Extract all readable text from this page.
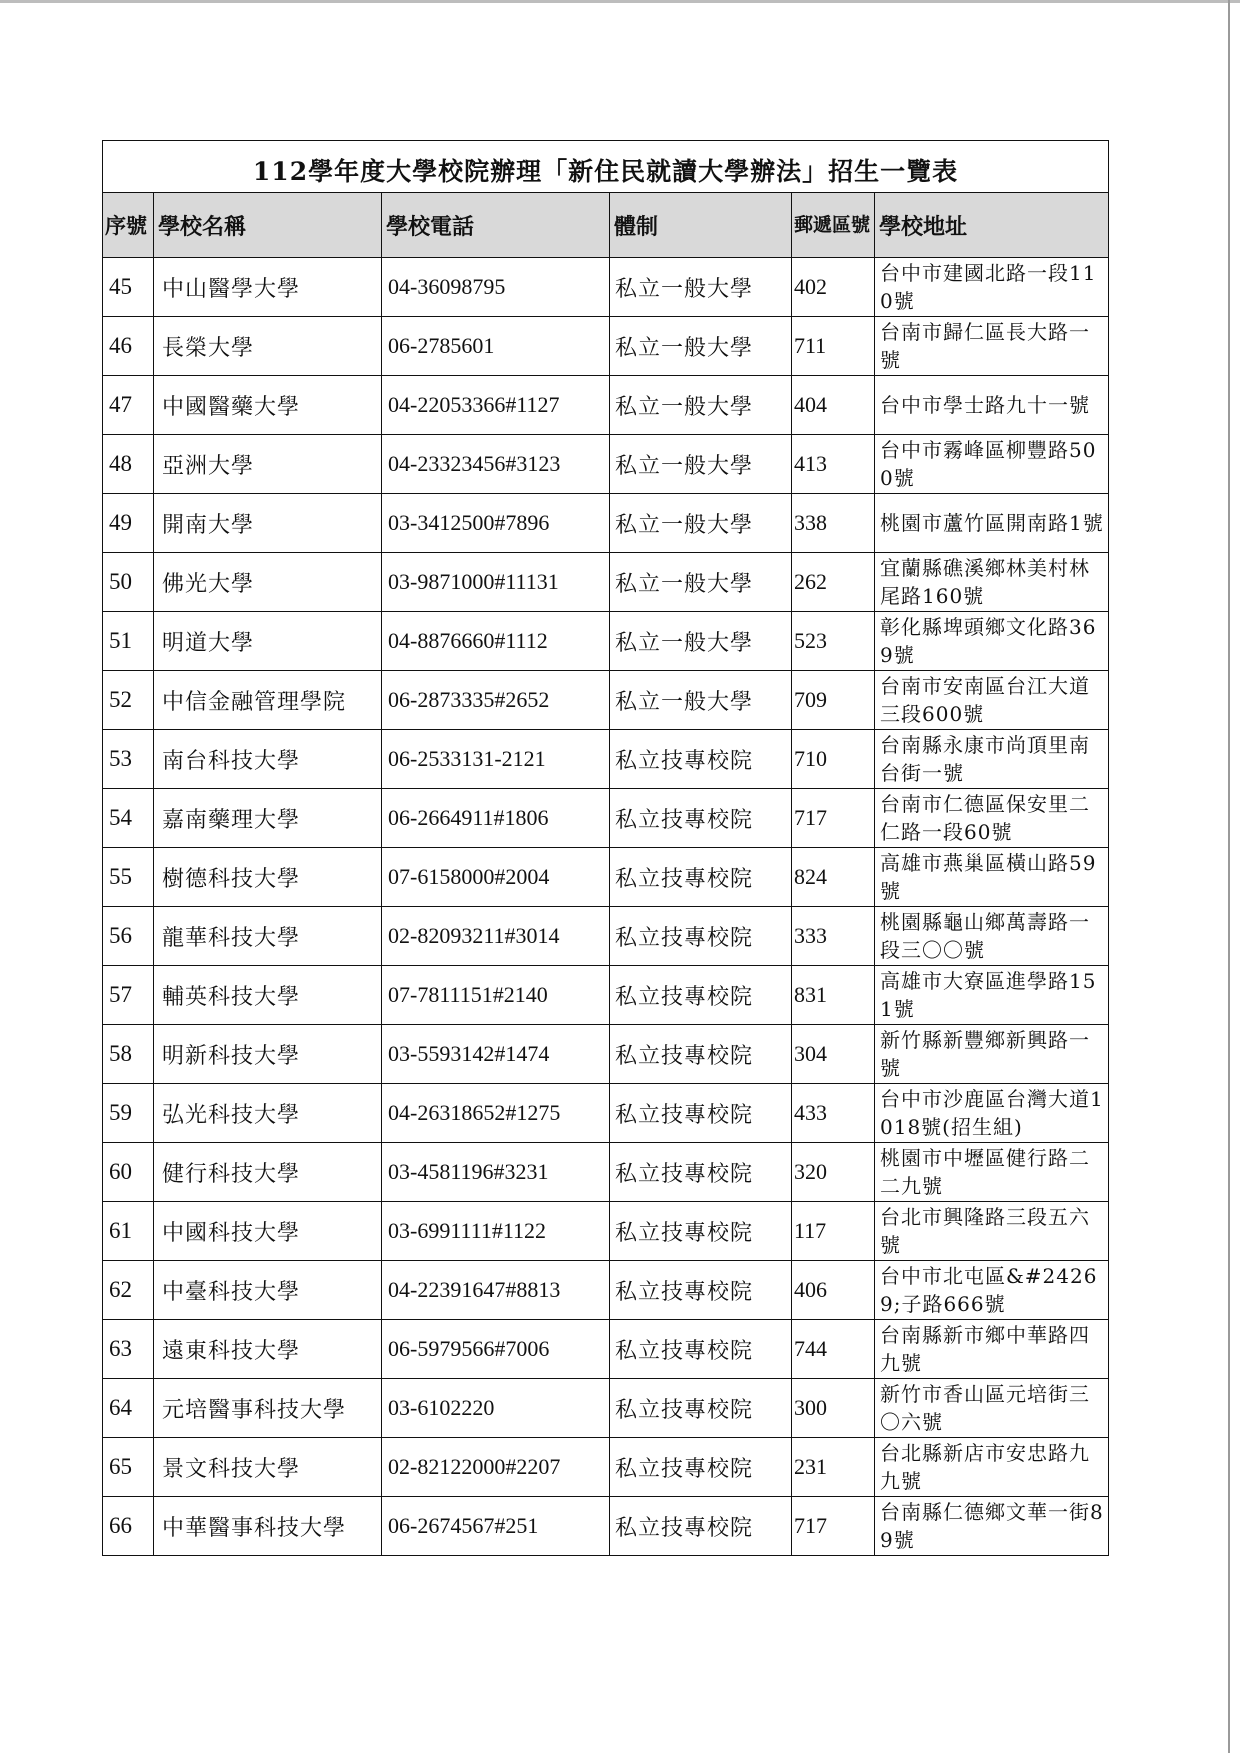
112學年度大學校院辦理「新住民就讀大學辦法」招生一覽表					
序號	學校名稱	學校電話	體制	郵遞區號	學校地址
45	中山醫學大學	04-36098795	私立一般大學	402	台中市建國北路一段110號
46	長榮大學	06-2785601	私立一般大學	711	台南市歸仁區長大路一號
47	中國醫藥大學	04-22053366#1127	私立一般大學	404	台中市學士路九十一號
48	亞洲大學	04-23323456#3123	私立一般大學	413	台中市霧峰區柳豐路500號
49	開南大學	03-3412500#7896	私立一般大學	338	桃園市蘆竹區開南路1號
50	佛光大學	03-9871000#11131	私立一般大學	262	宜蘭縣礁溪鄉林美村林尾路160號
51	明道大學	04-8876660#1112	私立一般大學	523	彰化縣埤頭鄉文化路369號
52	中信金融管理學院	06-2873335#2652	私立一般大學	709	台南市安南區台江大道三段600號
53	南台科技大學	06-2533131-2121	私立技專校院	710	台南縣永康市尚頂里南台街一號
54	嘉南藥理大學	06-2664911#1806	私立技專校院	717	台南市仁德區保安里二仁路一段60號
55	樹德科技大學	07-6158000#2004	私立技專校院	824	高雄市燕巢區橫山路59號
56	龍華科技大學	02-82093211#3014	私立技專校院	333	桃園縣龜山鄉萬壽路一段三〇〇號
57	輔英科技大學	07-7811151#2140	私立技專校院	831	高雄市大寮區進學路151號
58	明新科技大學	03-5593142#1474	私立技專校院	304	新竹縣新豐鄉新興路一號
59	弘光科技大學	04-26318652#1275	私立技專校院	433	台中市沙鹿區台灣大道1018號(招生組)
60	健行科技大學	03-4581196#3231	私立技專校院	320	桃園市中壢區健行路二二九號
61	中國科技大學	03-6991111#1122	私立技專校院	117	台北市興隆路三段五六號
62	中臺科技大學	04-22391647#8813	私立技專校院	406	台中市北屯區&#24269;子路666號
63	遠東科技大學	06-5979566#7006	私立技專校院	744	台南縣新市鄉中華路四九號
64	元培醫事科技大學	03-6102220	私立技專校院	300	新竹市香山區元培街三〇六號
65	景文科技大學	02-82122000#2207	私立技專校院	231	台北縣新店市安忠路九九號
66	中華醫事科技大學	06-2674567#251	私立技專校院	717	台南縣仁德鄉文華一街89號
